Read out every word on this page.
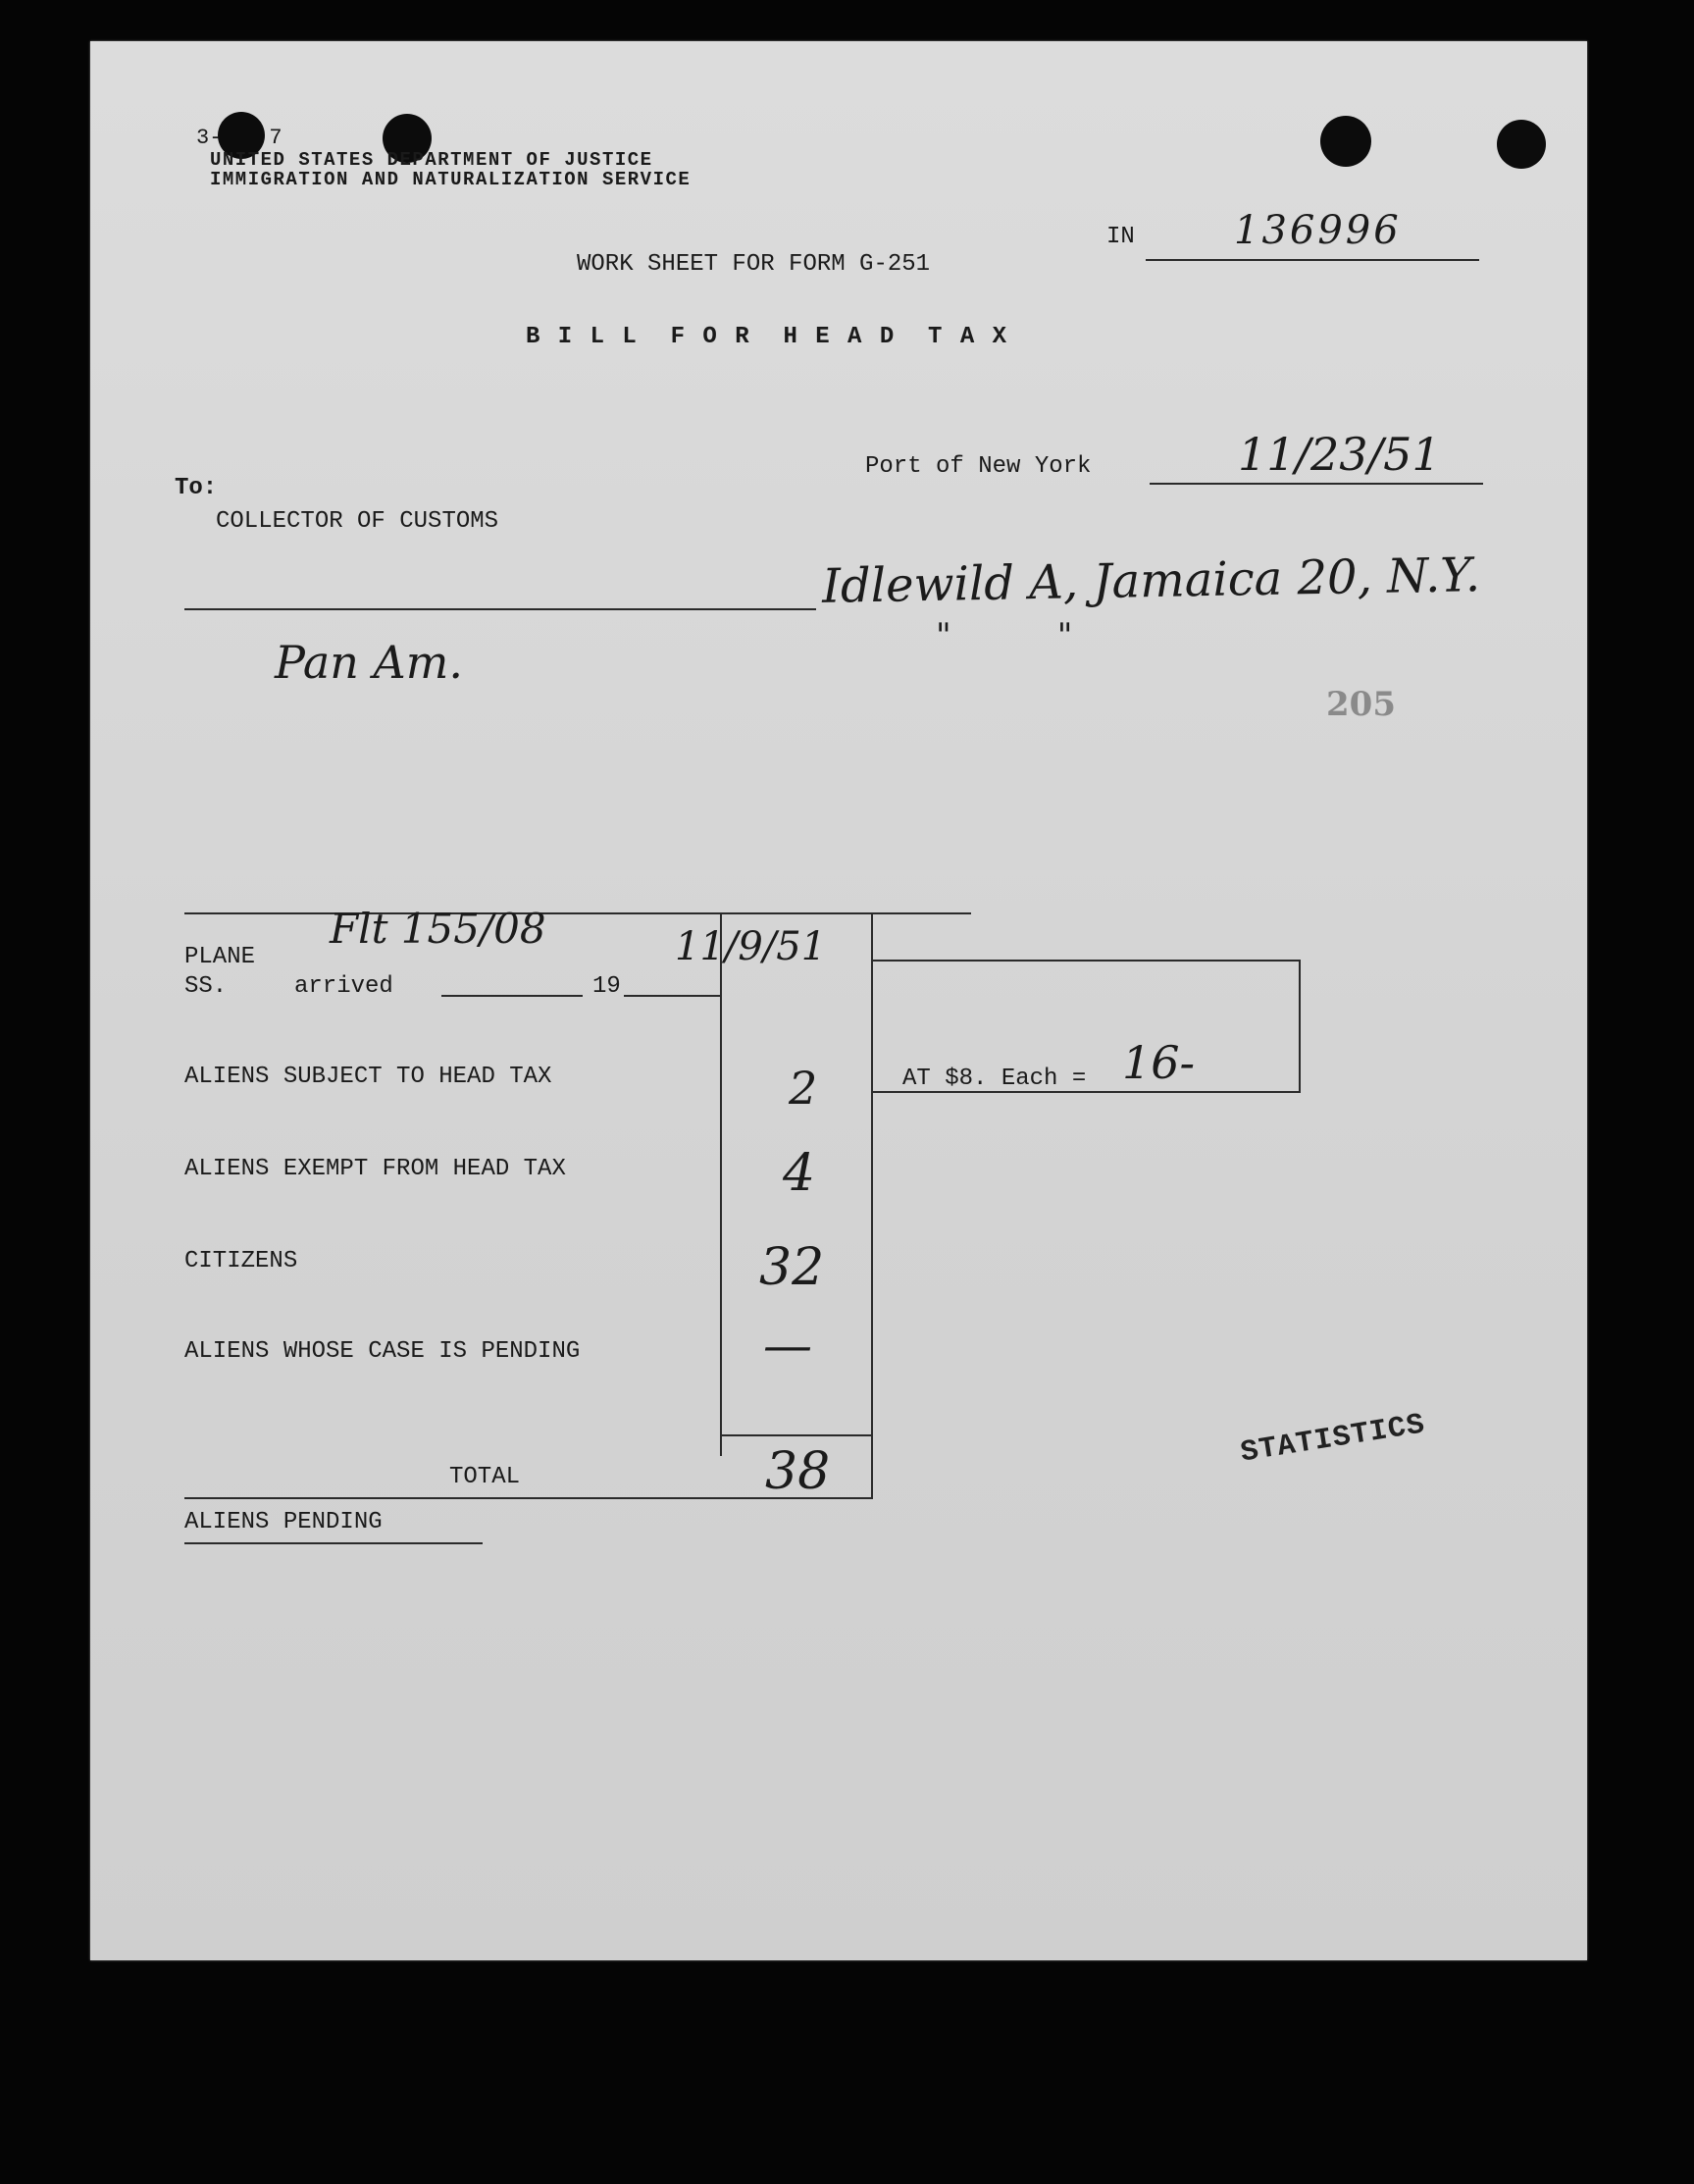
3- 7
UNITED STATES DEPARTMENT OF JUSTICE
IMMIGRATION AND NATURALIZATION SERVICE
IN	136996
WORK SHEET FOR FORM G-251
B I L L  F O R  H E A D  T A X
Port of New York	11/23/51
To:
COLLECTOR OF CUSTOMS
Idlewild A, Jamaica 20, N.Y.
"          "
Pan Am.
205
Flt 155/08	11/9/51
PLANE
SS.	arrived	19
AT $8. Each = 16-
ALIENS SUBJECT TO HEAD TAX	2
ALIENS EXEMPT FROM HEAD TAX	4
CITIZENS	32
ALIENS WHOSE CASE IS PENDING	—
TOTAL	38
ALIENS PENDING
STATISTICS
